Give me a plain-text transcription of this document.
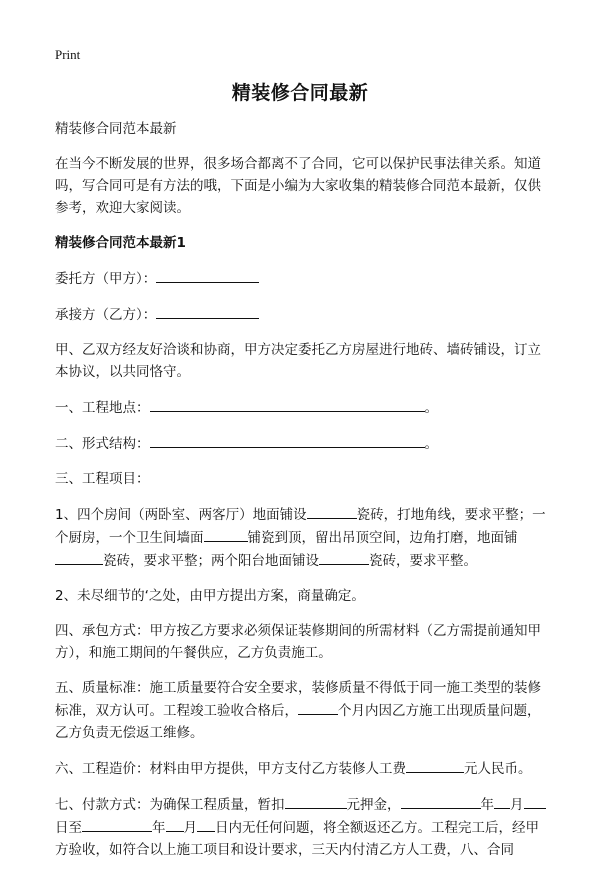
Print
精装修合同最新

精装修合同范本最新

在当今不断发展的世界，很多场合都离不了合同，它可以保护民事法律关系。知道吗，写合同可是有方法的哦，下面是小编为大家收集的精装修合同范本最新，仅供参考，欢迎大家阅读。

精装修合同范本最新1

委托方（甲方）：

承接方（乙方）：

甲、乙双方经友好洽谈和协商，甲方决定委托乙方房屋进行地砖、墙砖铺设，订立本协议，以共同恪守。

一、工程地点：	。

二、形式结构：	。

三、工程项目：

1、四个房间（两卧室、两客厅）地面铺设	瓷砖，打地角线，要求平整；一个厨房，一个卫生间墙面	铺瓷到顶，留出吊顶空间，边角打磨，地面铺瓷砖，要求平整；两个阳台地面铺设	瓷砖，要求平整。

2、未尽细节的‘之处，由甲方提出方案，商量确定。

四、承包方式：甲方按乙方要求必须保证装修期间的所需材料（乙方需提前通知甲方），和施工期间的午餐供应，乙方负责施工。

五、质量标准：施工质量要符合安全要求，装修质量不得低于同一施工类型的装修标准，双方认可。工程竣工验收合格后，	个月内因乙方施工出现质量问题，乙方负责无偿返工维修。

六、工程造价：材料由甲方提供，甲方支付乙方装修人工费	元人民币。

七、付款方式：为确保工程质量，暂扣	元押金，	年 月日至	年 月 日内无任何问题，将全额返还乙方。工程完工后，经甲方验收，如符合以上施工项目和设计要求，三天内付清乙方人工费，八、合同
